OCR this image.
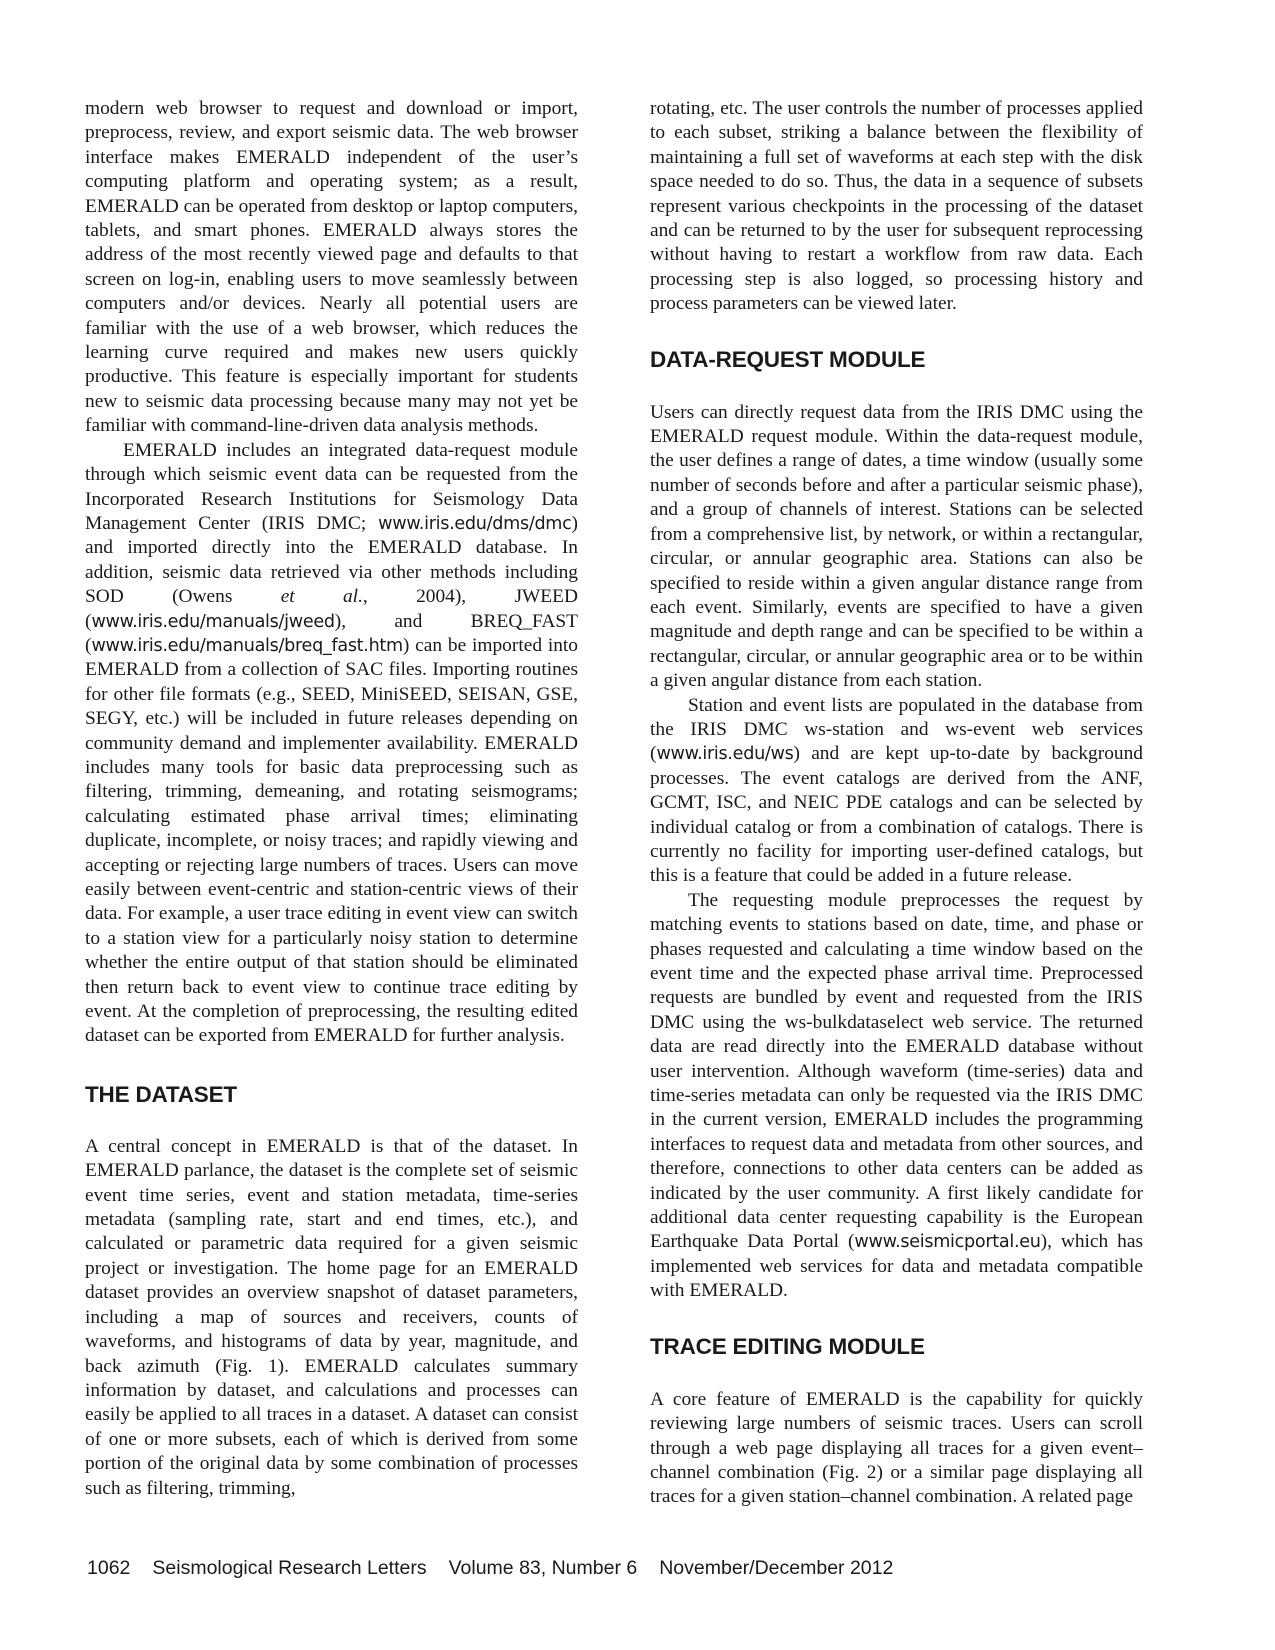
modern web browser to request and download or import, preprocess, review, and export seismic data. The web browser interface makes EMERALD independent of the user’s computing platform and operating system; as a result, EMERALD can be operated from desktop or laptop computers, tablets, and smart phones. EMERALD always stores the address of the most recently viewed page and defaults to that screen on log-in, enabling users to move seamlessly between computers and/or devices. Nearly all potential users are familiar with the use of a web browser, which reduces the learning curve required and makes new users quickly productive. This feature is especially important for students new to seismic data processing because many may not yet be familiar with command-line-driven data analysis methods.

EMERALD includes an integrated data-request module through which seismic event data can be requested from the Incorporated Research Institutions for Seismology Data Management Center (IRIS DMC; www.iris.edu/dms/dmc) and imported directly into the EMERALD database. In addition, seismic data retrieved via other methods including SOD (Owens et al., 2004), JWEED (www.iris.edu/manuals/jweed), and BREQ_FAST (www.iris.edu/manuals/breq_fast.htm) can be imported into EMERALD from a collection of SAC files. Importing routines for other file formats (e.g., SEED, MiniSEED, SEISAN, GSE, SEGY, etc.) will be included in future releases depending on community demand and implementer availability. EMERALD includes many tools for basic data preprocessing such as filtering, trimming, demeaning, and rotating seismograms; calculating estimated phase arrival times; eliminating duplicate, incomplete, or noisy traces; and rapidly viewing and accepting or rejecting large numbers of traces. Users can move easily between event-centric and station-centric views of their data. For example, a user trace editing in event view can switch to a station view for a particularly noisy station to determine whether the entire output of that station should be eliminated then return back to event view to continue trace editing by event. At the completion of preprocessing, the resulting edited dataset can be exported from EMERALD for further analysis.

THE DATASET

A central concept in EMERALD is that of the dataset. In EMERALD parlance, the dataset is the complete set of seismic event time series, event and station metadata, time-series metadata (sampling rate, start and end times, etc.), and calculated or parametric data required for a given seismic project or investigation. The home page for an EMERALD dataset provides an overview snapshot of dataset parameters, including a map of sources and receivers, counts of waveforms, and histograms of data by year, magnitude, and back azimuth (Fig. 1). EMERALD calculates summary information by dataset, and calculations and processes can easily be applied to all traces in a dataset. A dataset can consist of one or more subsets, each of which is derived from some portion of the original data by some combination of processes such as filtering, trimming,

rotating, etc. The user controls the number of processes applied to each subset, striking a balance between the flexibility of maintaining a full set of waveforms at each step with the disk space needed to do so. Thus, the data in a sequence of subsets represent various checkpoints in the processing of the dataset and can be returned to by the user for subsequent reprocessing without having to restart a workflow from raw data. Each processing step is also logged, so processing history and process parameters can be viewed later.

DATA-REQUEST MODULE

Users can directly request data from the IRIS DMC using the EMERALD request module. Within the data-request module, the user defines a range of dates, a time window (usually some number of seconds before and after a particular seismic phase), and a group of channels of interest. Stations can be selected from a comprehensive list, by network, or within a rectangular, circular, or annular geographic area. Stations can also be specified to reside within a given angular distance range from each event. Similarly, events are specified to have a given magnitude and depth range and can be specified to be within a rectangular, circular, or annular geographic area or to be within a given angular distance from each station.

Station and event lists are populated in the database from the IRIS DMC ws-station and ws-event web services (www.iris.edu/ws) and are kept up-to-date by background processes. The event catalogs are derived from the ANF, GCMT, ISC, and NEIC PDE catalogs and can be selected by individual catalog or from a combination of catalogs. There is currently no facility for importing user-defined catalogs, but this is a feature that could be added in a future release.

The requesting module preprocesses the request by matching events to stations based on date, time, and phase or phases requested and calculating a time window based on the event time and the expected phase arrival time. Preprocessed requests are bundled by event and requested from the IRIS DMC using the ws-bulkdataselect web service. The returned data are read directly into the EMERALD database without user intervention. Although waveform (time-series) data and time-series metadata can only be requested via the IRIS DMC in the current version, EMERALD includes the programming interfaces to request data and metadata from other sources, and therefore, connections to other data centers can be added as indicated by the user community. A first likely candidate for additional data center requesting capability is the European Earthquake Data Portal (www.seismicportal.eu), which has implemented web services for data and metadata compatible with EMERALD.

TRACE EDITING MODULE

A core feature of EMERALD is the capability for quickly reviewing large numbers of seismic traces. Users can scroll through a web page displaying all traces for a given event–channel combination (Fig. 2) or a similar page displaying all traces for a given station–channel combination. A related page

1062 Seismological Research Letters Volume 83, Number 6 November/December 2012
